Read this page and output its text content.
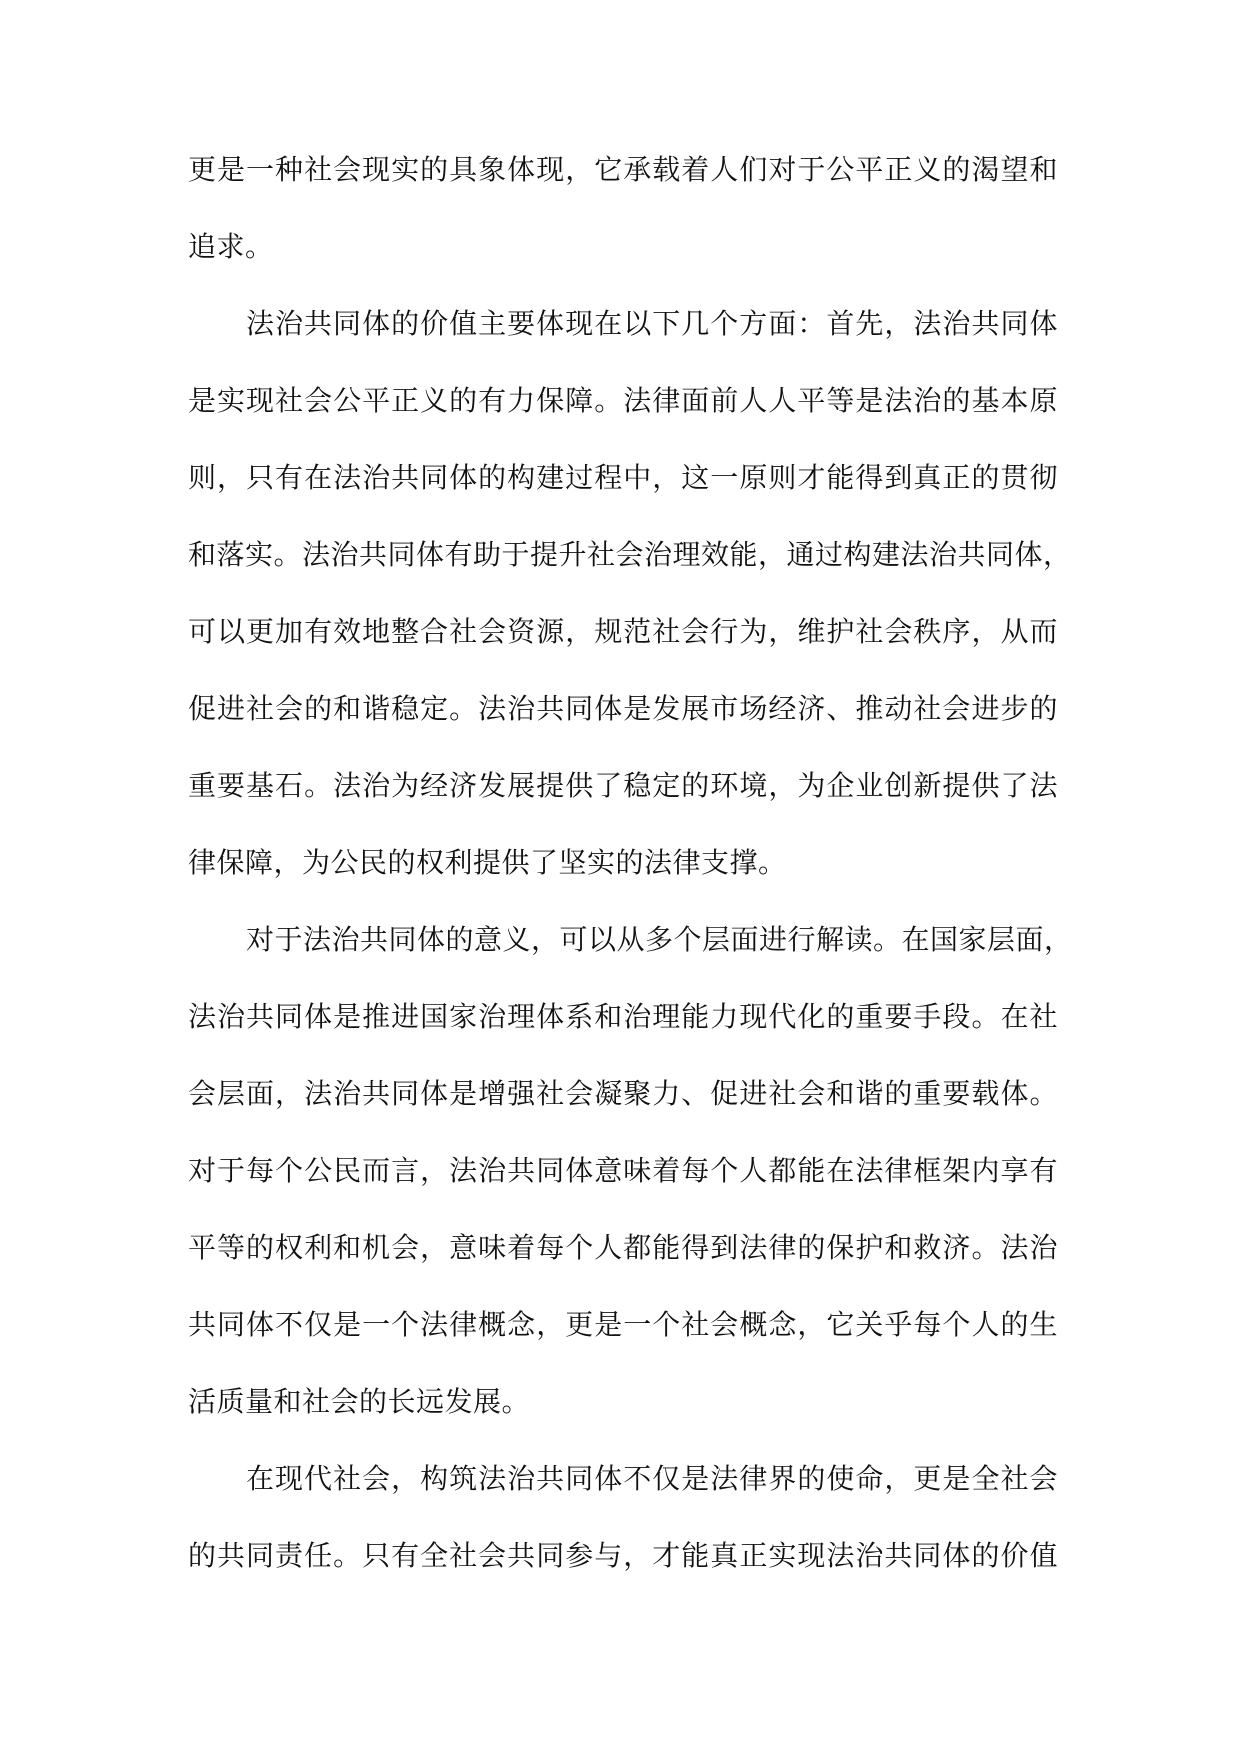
更是一种社会现实的具象体现，它承载着人们对于公平正义的渴望和
追求。
法治共同体的价值主要体现在以下几个方面：首先，法治共同体
是实现社会公平正义的有力保障。法律面前人人平等是法治的基本原
则，只有在法治共同体的构建过程中，这一原则才能得到真正的贯彻
和落实。法治共同体有助于提升社会治理效能，通过构建法治共同体，
可以更加有效地整合社会资源，规范社会行为，维护社会秩序，从而
促进社会的和谐稳定。法治共同体是发展市场经济、推动社会进步的
重要基石。法治为经济发展提供了稳定的环境，为企业创新提供了法
律保障，为公民的权利提供了坚实的法律支撑。
对于法治共同体的意义，可以从多个层面进行解读。在国家层面，
法治共同体是推进国家治理体系和治理能力现代化的重要手段。在社
会层面，法治共同体是增强社会凝聚力、促进社会和谐的重要载体。
对于每个公民而言，法治共同体意味着每个人都能在法律框架内享有
平等的权利和机会，意味着每个人都能得到法律的保护和救济。法治
共同体不仅是一个法律概念，更是一个社会概念，它关乎每个人的生
活质量和社会的长远发展。
在现代社会，构筑法治共同体不仅是法律界的使命，更是全社会
的共同责任。只有全社会共同参与，才能真正实现法治共同体的价值
